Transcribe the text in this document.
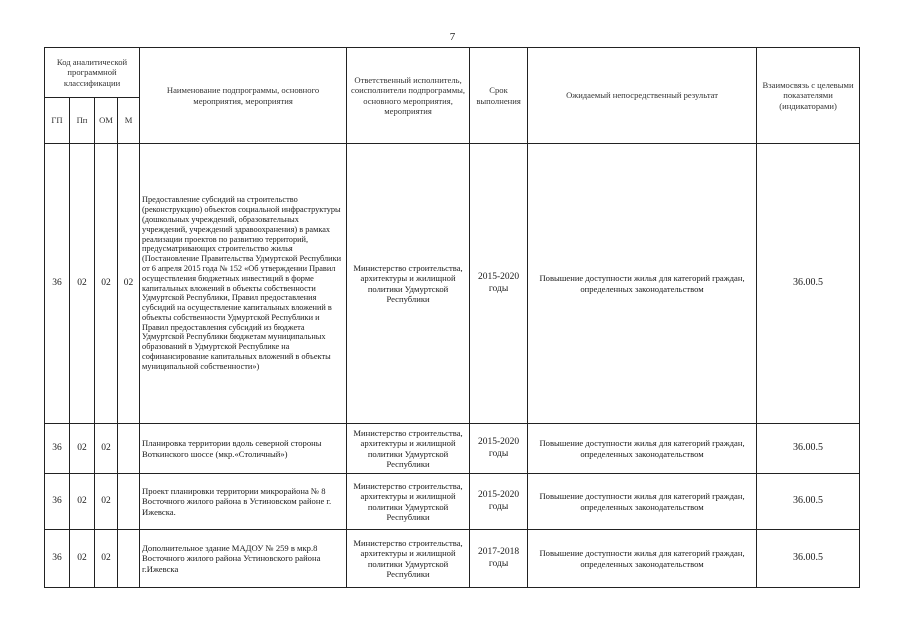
7
Код аналитической программной классификации				Наименование подпрограммы, основного мероприятия, мероприятия	Ответственный исполнитель, соисполнители подпрограммы, основного мероприятия, мероприятия	Срок выполнения	Ожидаемый непосредственный результат	Взаимосвязь с целевыми показателями (индикаторами)
ГП	Пп	ОМ	М					
36	02	02	02	Предоставление субсидий на строительство (реконструкцию) объектов социальной инфраструктуры (дошкольных учреждений, образовательных учреждений, учреждений здравоохранения) в рамках реализации проектов по развитию территорий, предусматривающих строительство жилья (Постановление Правительства Удмуртской Республики от 6 апреля 2015 года № 152 «Об утверждении Правил осуществления бюджетных инвестиций в форме капитальных вложений в объекты собственности Удмуртской Республики, Правил предоставления субсидий на осуществление капитальных вложений в объекты собственности Удмуртской Республики и Правил предоставления субсидий из бюджета Удмуртской Республики бюджетам муниципальных образований в Удмуртской Республике на софинансирование капитальных вложений в объекты муниципальной собственности»)	Министерство строительства, архитектуры и жилищной политики Удмуртской Республики	2015-2020 годы	Повышение доступности жилья для категорий граждан, определенных законодательством	36.00.5
36	02	02		Планировка территории вдоль северной стороны Воткинского шоссе (мкр.«Столичный»)	Министерство строительства, архитектуры и жилищной политики Удмуртской Республики	2015-2020 годы	Повышение доступности жилья для категорий граждан, определенных законодательством	36.00.5
36	02	02		Проект планировки территории микрорайона № 8 Восточного жилого района в Устиновском районе г. Ижевска.	Министерство строительства, архитектуры и жилищной политики Удмуртской Республики	2015-2020 годы	Повышение доступности жилья для категорий граждан, определенных законодательством	36.00.5
36	02	02		Дополнительное здание МАДОУ № 259 в мкр.8 Восточного жилого района Устиновского района г.Ижевска	Министерство строительства, архитектуры и жилищной политики Удмуртской Республики	2017-2018 годы	Повышение доступности жилья для категорий граждан, определенных законодательством	36.00.5
